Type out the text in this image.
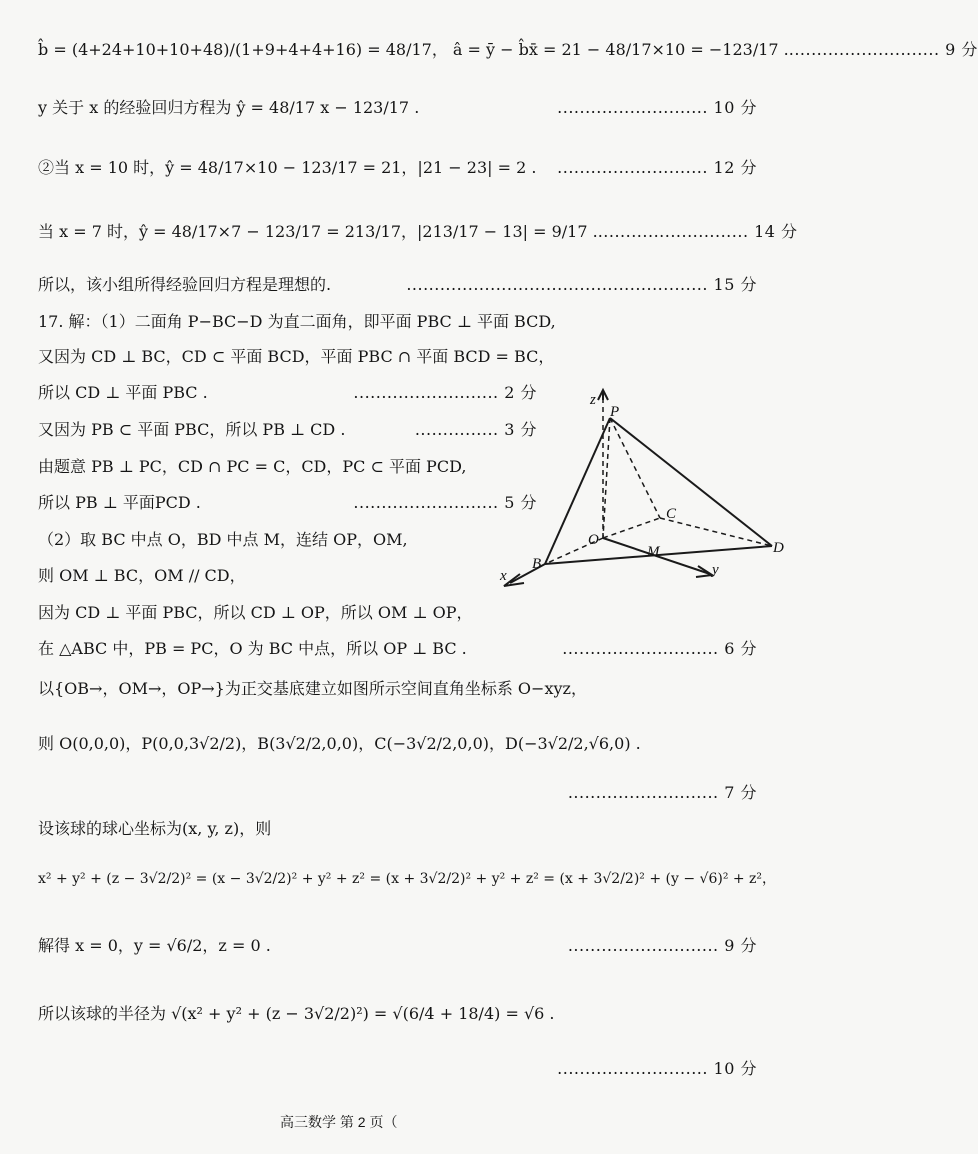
b̂ = (4+24+10+10+48)/(1+9+4+4+16) = 48/17， â = ȳ − b̂x̄ = 21 − 48/17×10 = −123/17 . ........................... 9 分
y 关于 x 的经验回归方程为 ŷ = 48/17 x − 123/17 .	........................... 10 分
②当 x = 10 时，ŷ = 48/17×10 − 123/17 = 21，|21 − 23| = 2 . ........................... 12 分
当 x = 7 时，ŷ = 48/17×7 − 123/17 = 213/17，|213/17 − 13| = 9/17 . ........................... 14 分
所以，该小组所得经验回归方程是理想的.	...................................................... 15 分
17. 解：（1）二面角 P−BC−D 为直二面角，即平面 PBC ⊥ 平面 BCD,
又因为 CD ⊥ BC，CD ⊂ 平面 BCD，平面 PBC ∩ 平面 BCD = BC，
所以 CD ⊥ 平面 PBC .	.......................... 2 分
又因为 PB ⊂ 平面 PBC，所以 PB ⊥ CD .	............... 3 分
由题意 PB ⊥ PC，CD ∩ PC = C，CD，PC ⊂ 平面 PCD,
所以 PB ⊥ 平面PCD .	.......................... 5 分
（2）取 BC 中点 O，BD 中点 M，连结 OP，OM,
则 OM ⊥ BC，OM // CD，
因为 CD ⊥ 平面 PBC，所以 CD ⊥ OP，所以 OM ⊥ OP，
在 △ABC 中，PB = PC，O 为 BC 中点，所以 OP ⊥ BC .	............................ 6 分
以{OB→，OM→，OP→}为正交基底建立如图所示空间直角坐标系 O−xyz，
则 O(0,0,0)，P(0,0,3√2/2)，B(3√2/2,0,0)，C(−3√2/2,0,0)，D(−3√2/2,√6,0) .
........................... 7 分
设该球的球心坐标为(x, y, z)，则
x² + y² + (z − 3√2/2)² = (x − 3√2/2)² + y² + z² = (x + 3√2/2)² + y² + z² = (x + 3√2/2)² + (y − √6)² + z²，
解得 x = 0，y = √6/2，z = 0 .	........................... 9 分
所以该球的半径为 √(x² + y² + (z − 3√2/2)²) = √(6/4 + 18/4) = √6 .
........................... 10 分
z
P
C
O
M	D
B
x	y
高三数学 第 2 页（
